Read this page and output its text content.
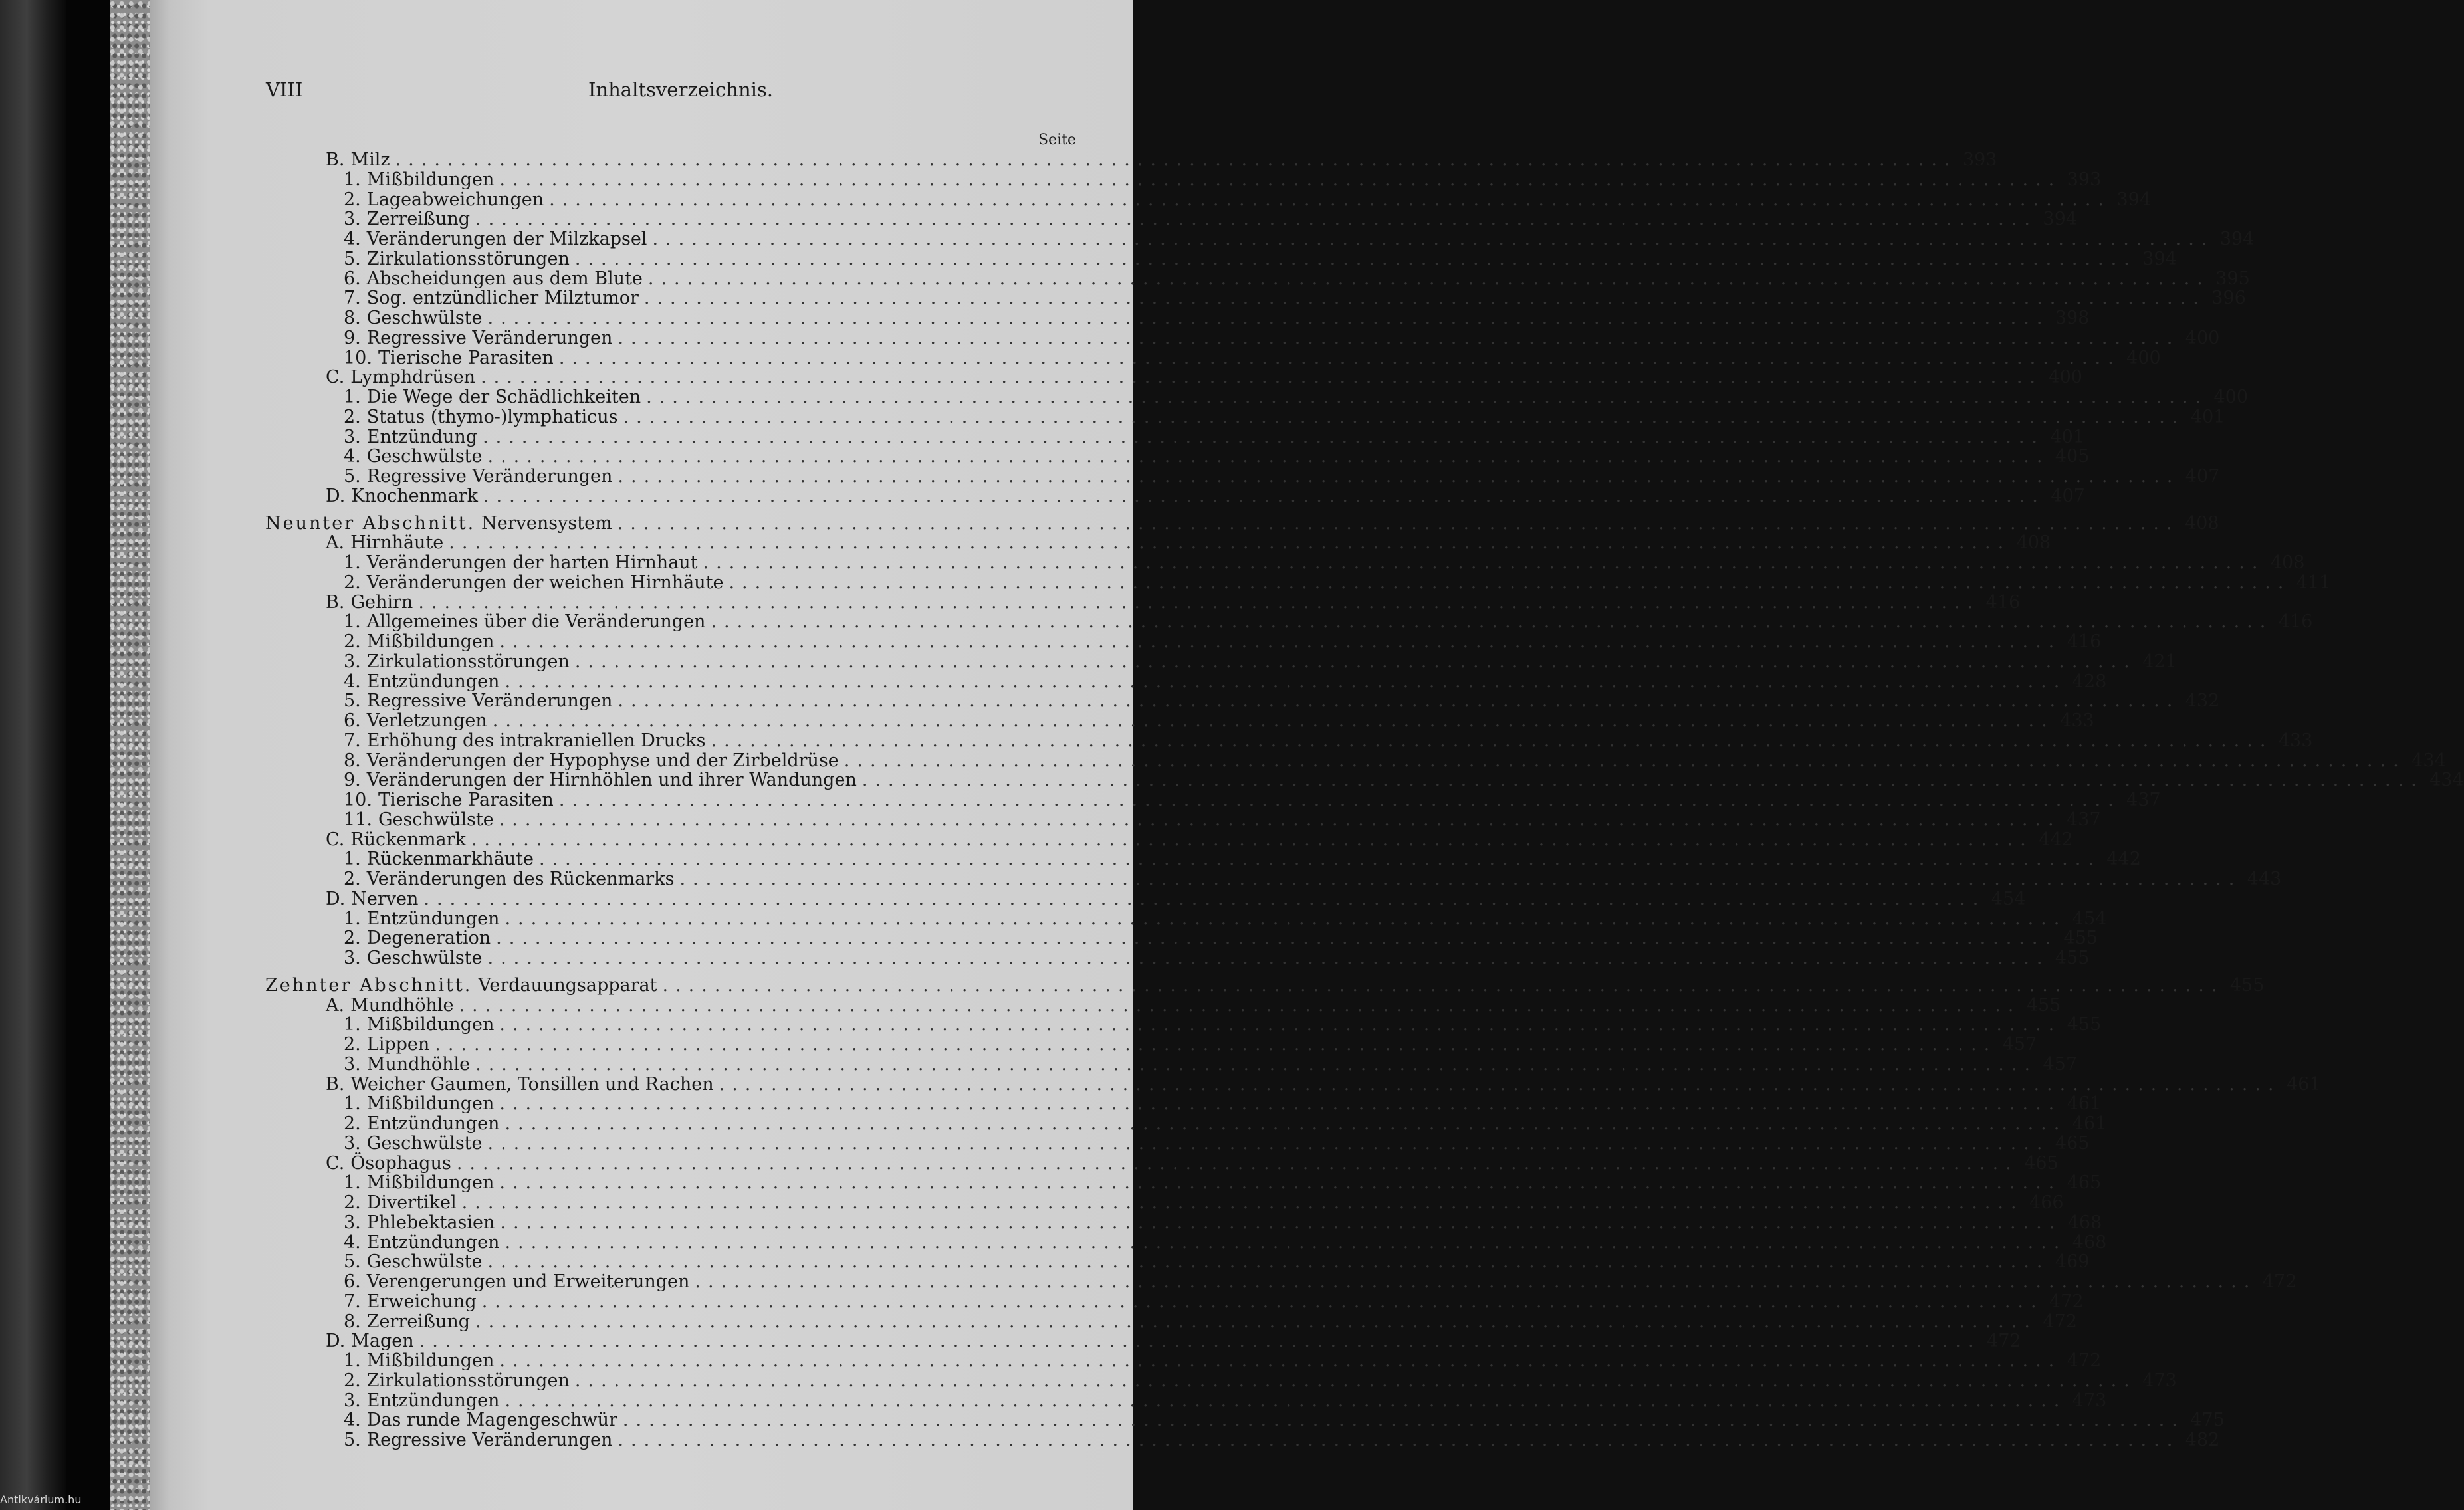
VIII	Inhaltsverzeichnis.
Seite
B. Milz ........................................................................................................................ 393
1. Mißbildungen ........................................................................................................................ 393
2. Lageabweichungen ........................................................................................................................ 394
3. Zerreißung ........................................................................................................................ 394
4. Veränderungen der Milzkapsel ........................................................................................................................ 394
5. Zirkulationsstörungen ........................................................................................................................ 394
6. Abscheidungen aus dem Blute ........................................................................................................................ 395
7. Sog. entzündlicher Milztumor ........................................................................................................................ 396
8. Geschwülste ........................................................................................................................ 398
9. Regressive Veränderungen ........................................................................................................................ 400
10. Tierische Parasiten ........................................................................................................................ 400
C. Lymphdrüsen ........................................................................................................................ 400
1. Die Wege der Schädlichkeiten ........................................................................................................................ 400
2. Status (thymo-)lymphaticus ........................................................................................................................ 401
3. Entzündung ........................................................................................................................ 401
4. Geschwülste ........................................................................................................................ 405
5. Regressive Veränderungen ........................................................................................................................ 407
D. Knochenmark ........................................................................................................................ 407
Neunter Abschnitt. Nervensystem ........................................................................................................................ 408
A. Hirnhäute ........................................................................................................................ 408
1. Veränderungen der harten Hirnhaut ........................................................................................................................ 408
2. Veränderungen der weichen Hirnhäute ........................................................................................................................ 411
B. Gehirn ........................................................................................................................ 416
1. Allgemeines über die Veränderungen ........................................................................................................................ 416
2. Mißbildungen ........................................................................................................................ 416
3. Zirkulationsstörungen ........................................................................................................................ 421
4. Entzündungen ........................................................................................................................ 428
5. Regressive Veränderungen ........................................................................................................................ 432
6. Verletzungen ........................................................................................................................ 433
7. Erhöhung des intrakraniellen Drucks ........................................................................................................................ 433
8. Veränderungen der Hypophyse und der Zirbeldrüse ........................................................................................................................ 434
9. Veränderungen der Hirnhöhlen und ihrer Wandungen ........................................................................................................................ 434
10. Tierische Parasiten ........................................................................................................................ 437
11. Geschwülste ........................................................................................................................ 437
C. Rückenmark ........................................................................................................................ 442
1. Rückenmarkhäute ........................................................................................................................ 442
2. Veränderungen des Rückenmarks ........................................................................................................................ 443
D. Nerven ........................................................................................................................ 454
1. Entzündungen ........................................................................................................................ 454
2. Degeneration ........................................................................................................................ 455
3. Geschwülste ........................................................................................................................ 455
Zehnter Abschnitt. Verdauungsapparat ........................................................................................................................ 455
A. Mundhöhle ........................................................................................................................ 455
1. Mißbildungen ........................................................................................................................ 455
2. Lippen ........................................................................................................................ 457
3. Mundhöhle ........................................................................................................................ 457
B. Weicher Gaumen, Tonsillen und Rachen ........................................................................................................................ 461
1. Mißbildungen ........................................................................................................................ 461
2. Entzündungen ........................................................................................................................ 461
3. Geschwülste ........................................................................................................................ 465
C. Ösophagus ........................................................................................................................ 465
1. Mißbildungen ........................................................................................................................ 465
2. Divertikel ........................................................................................................................ 466
3. Phlebektasien ........................................................................................................................ 468
4. Entzündungen ........................................................................................................................ 468
5. Geschwülste ........................................................................................................................ 469
6. Verengerungen und Erweiterungen ........................................................................................................................ 472
7. Erweichung ........................................................................................................................ 472
8. Zerreißung ........................................................................................................................ 472
D. Magen ........................................................................................................................ 472
1. Mißbildungen ........................................................................................................................ 472
2. Zirkulationsstörungen ........................................................................................................................ 473
3. Entzündungen ........................................................................................................................ 473
4. Das runde Magengeschwür ........................................................................................................................ 475
5. Regressive Veränderungen ........................................................................................................................ 482
Antikvárium.hu
